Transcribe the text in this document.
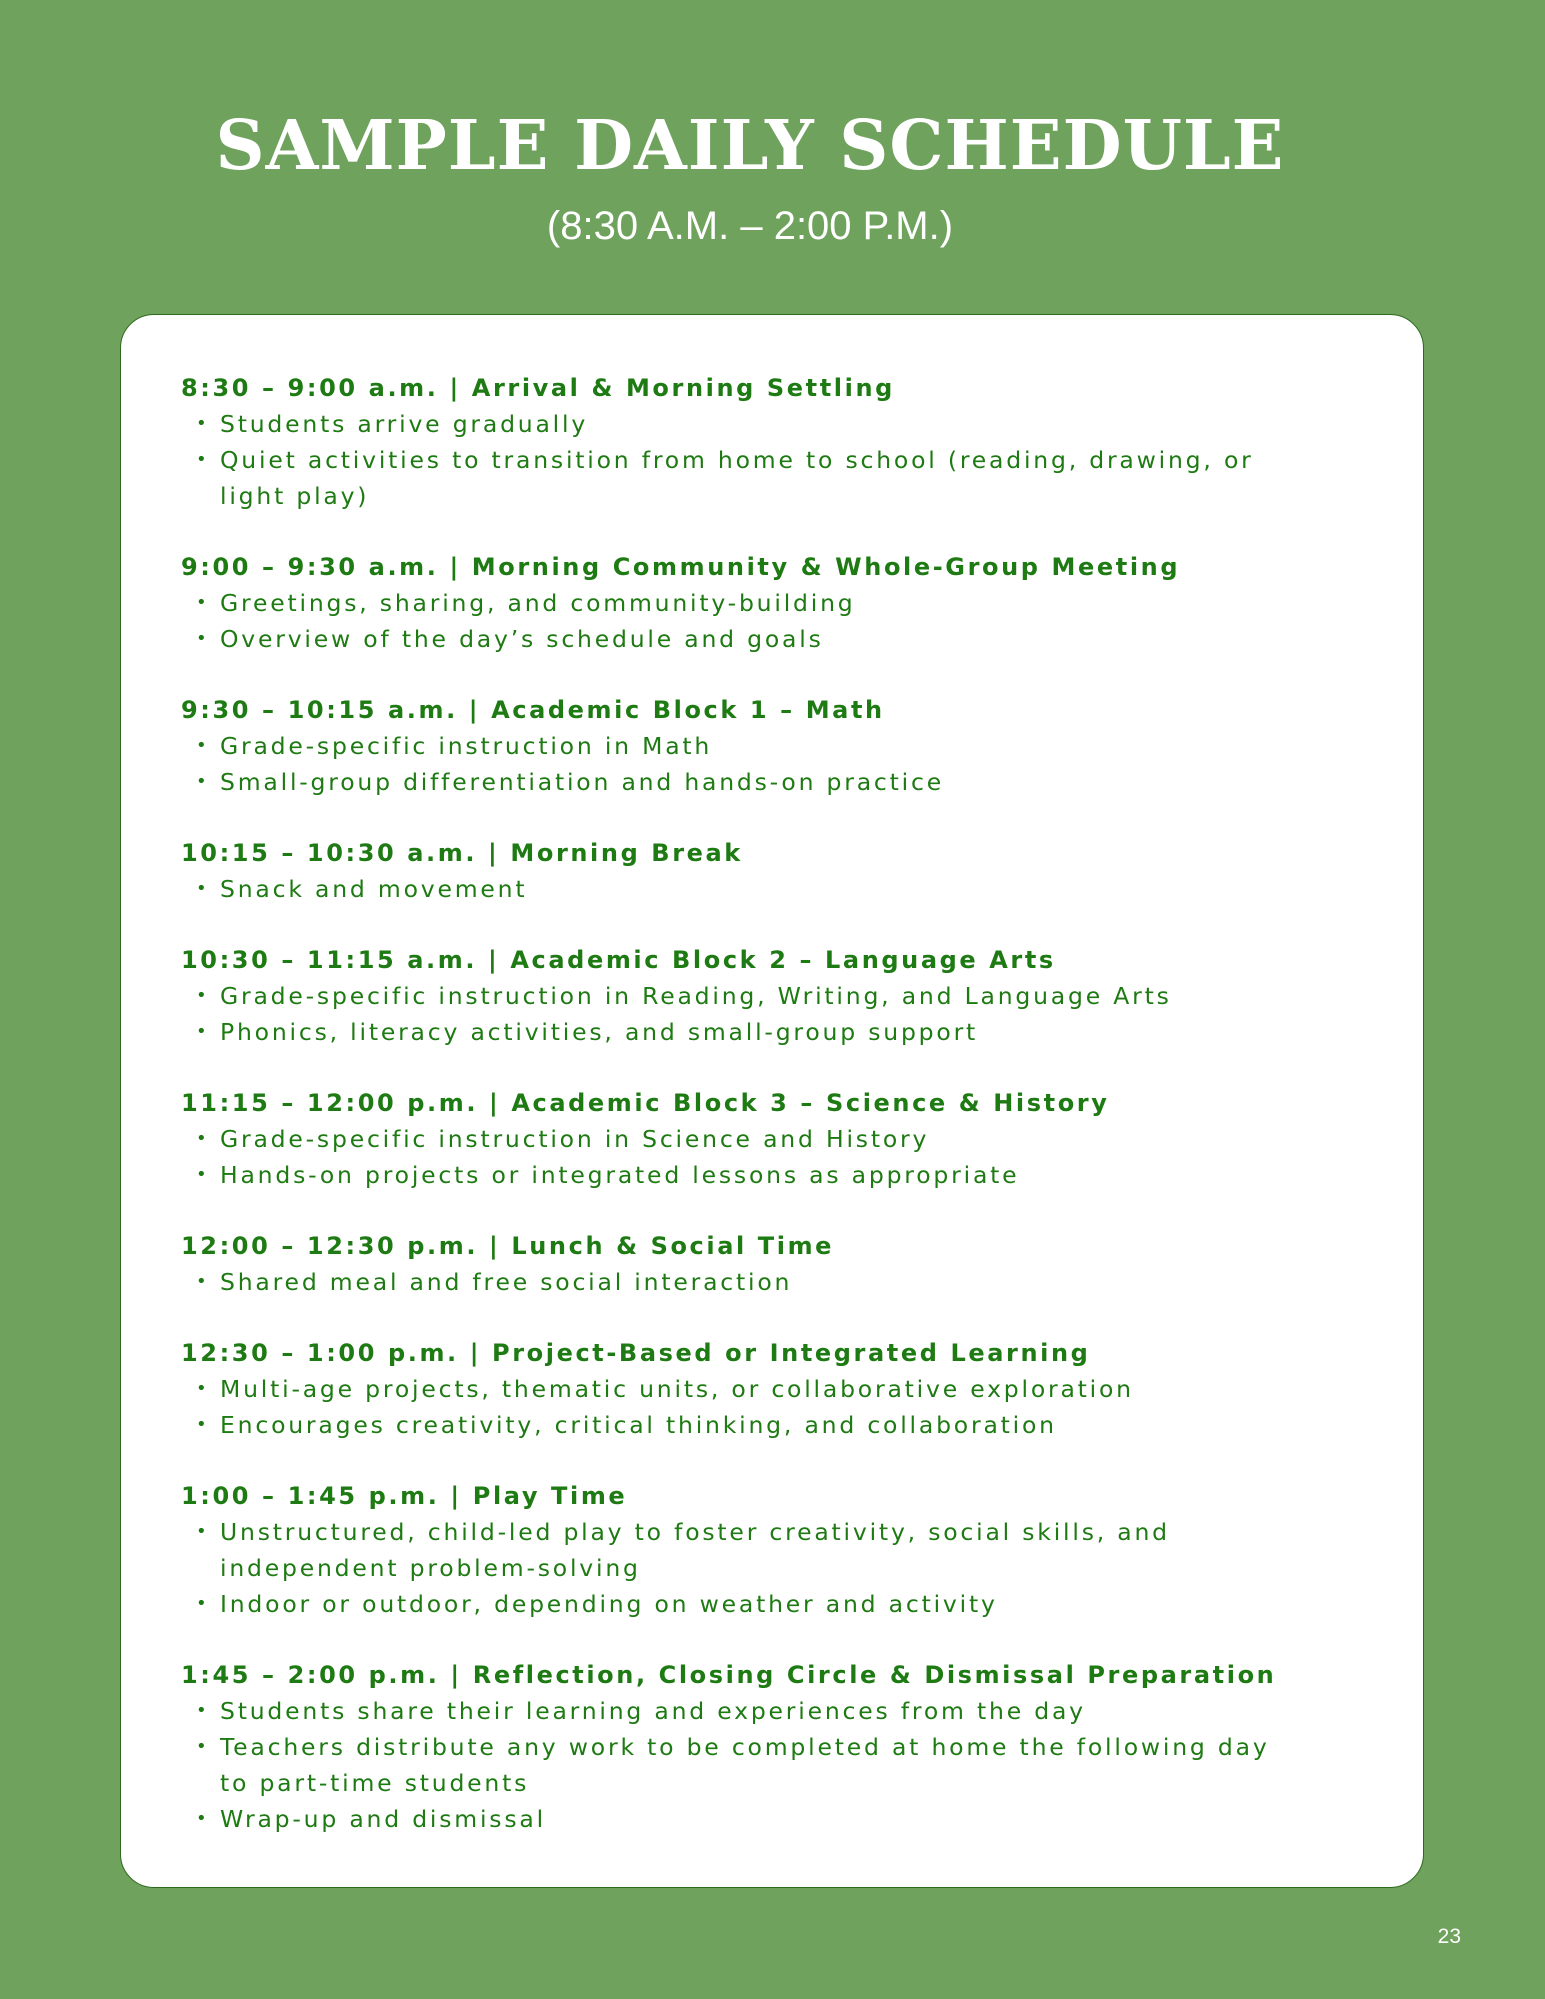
SAMPLE DAILY SCHEDULE
(8:30 A.M. – 2:00 P.M.)
8:30 – 9:00 a.m. | Arrival & Morning Settling
• Students arrive gradually
• Quiet activities to transition from home to school (reading, drawing, or light play)
9:00 – 9:30 a.m. | Morning Community & Whole-Group Meeting
• Greetings, sharing, and community-building
• Overview of the day’s schedule and goals
9:30 – 10:15 a.m. | Academic Block 1 – Math
• Grade-specific instruction in Math
• Small-group differentiation and hands-on practice
10:15 – 10:30 a.m. | Morning Break
• Snack and movement
10:30 – 11:15 a.m. | Academic Block 2 – Language Arts
• Grade-specific instruction in Reading, Writing, and Language Arts
• Phonics, literacy activities, and small-group support
11:15 – 12:00 p.m. | Academic Block 3 – Science & History
• Grade-specific instruction in Science and History
• Hands-on projects or integrated lessons as appropriate
12:00 – 12:30 p.m. | Lunch & Social Time
• Shared meal and free social interaction
12:30 – 1:00 p.m. | Project-Based or Integrated Learning
• Multi-age projects, thematic units, or collaborative exploration
• Encourages creativity, critical thinking, and collaboration
1:00 – 1:45 p.m. | Play Time
• Unstructured, child-led play to foster creativity, social skills, and independent problem-solving
• Indoor or outdoor, depending on weather and activity
1:45 – 2:00 p.m. | Reflection, Closing Circle & Dismissal Preparation
• Students share their learning and experiences from the day
• Teachers distribute any work to be completed at home the following day to part-time students
• Wrap-up and dismissal
23
